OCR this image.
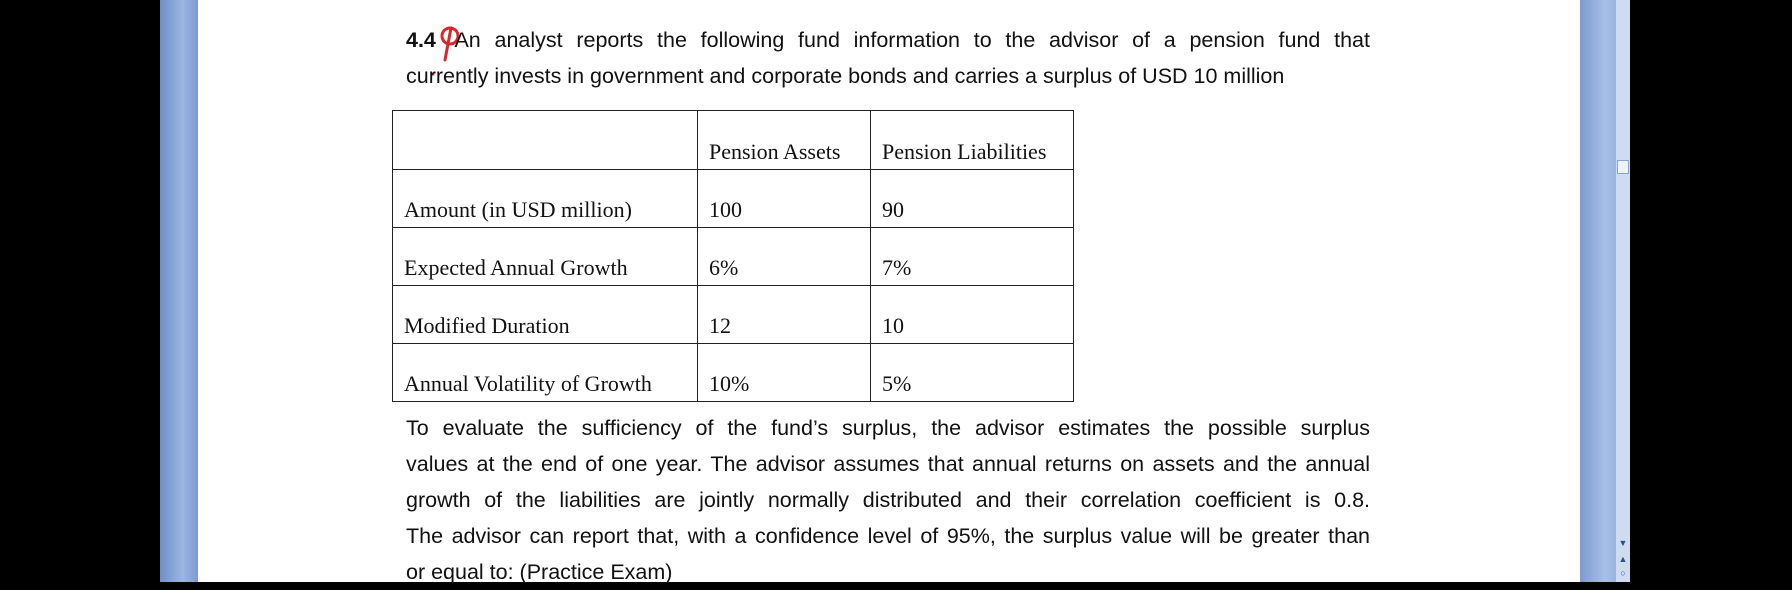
4.4 An analyst reports the following fund information to the advisor of a pension fund that
currently invests in government and corporate bonds and carries a surplus of USD 10 million
	Pension Assets	Pension Liabilities
Amount (in USD million)	100	90
Expected Annual Growth	6%	7%
Modified Duration	12	10
Annual Volatility of Growth	10%	5%
To evaluate the sufficiency of the fund’s surplus, the advisor estimates the possible surplus
values at the end of one year. The advisor assumes that annual returns on assets and the annual
growth of the liabilities are jointly normally distributed and their correlation coefficient is 0.8.
The advisor can report that, with a confidence level of 95%, the surplus value will be greater than
or equal to: (Practice Exam)
▼
▲
○
